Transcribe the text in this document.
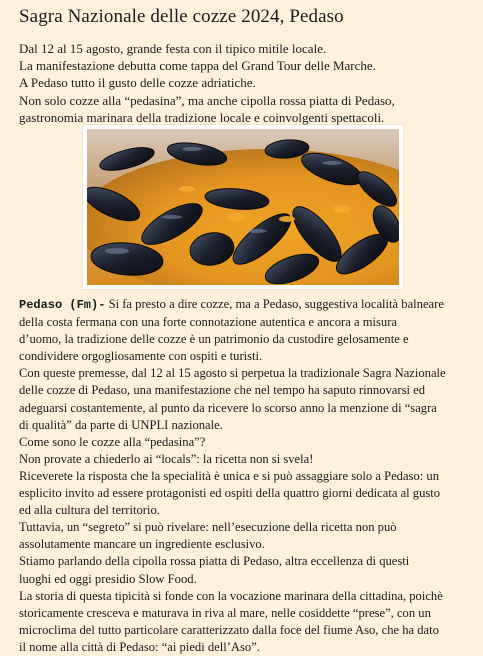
Sagra Nazionale delle cozze 2024, Pedaso
Dal 12 al 15 agosto, grande festa con il tipico mitile locale.
La manifestazione debutta come tappa del Grand Tour delle Marche.
A Pedaso tutto il gusto delle cozze adriatiche.
Non solo cozze alla “pedasina”, ma anche cipolla rossa piatta di Pedaso,
gastronomia marinara della tradizione locale e coinvolgenti spettacoli.
Pedaso (Fm)- Si fa presto a dire cozze, ma a Pedaso, suggestiva località balneare
della costa fermana con una forte connotazione autentica e ancora a misura
d’uomo, la tradizione delle cozze è un patrimonio da custodire gelosamente e
condividere orgogliosamente con ospiti e turisti.
Con queste premesse, dal 12 al 15 agosto si perpetua la tradizionale Sagra Nazionale
delle cozze di Pedaso, una manifestazione che nel tempo ha saputo rinnovarsi ed
adeguarsi costantemente, al punto da ricevere lo scorso anno la menzione di “sagra
di qualità” da parte di UNPLI nazionale.
Come sono le cozze alla “pedasina”?
Non provate a chiederlo ai “locals”: la ricetta non si svela!
Riceverete la risposta che la specialità è unica e si può assaggiare solo a Pedaso: un
esplicito invito ad essere protagonisti ed ospiti della quattro giorni dedicata al gusto
ed alla cultura del territorio.
Tuttavia, un “segreto” si può rivelare: nell’esecuzione della ricetta non può
assolutamente mancare un ingrediente esclusivo.
Stiamo parlando della cipolla rossa piatta di Pedaso, altra eccellenza di questi
luoghi ed oggi presidio Slow Food.
La storia di questa tipicità si fonde con la vocazione marinara della cittadina, poichè
storicamente cresceva e maturava in riva al mare, nelle cosiddette “prese”, con un
microclima del tutto particolare caratterizzato dalla foce del fiume Aso, che ha dato
il nome alla città di Pedaso: “ai piedi dell’Aso”.
